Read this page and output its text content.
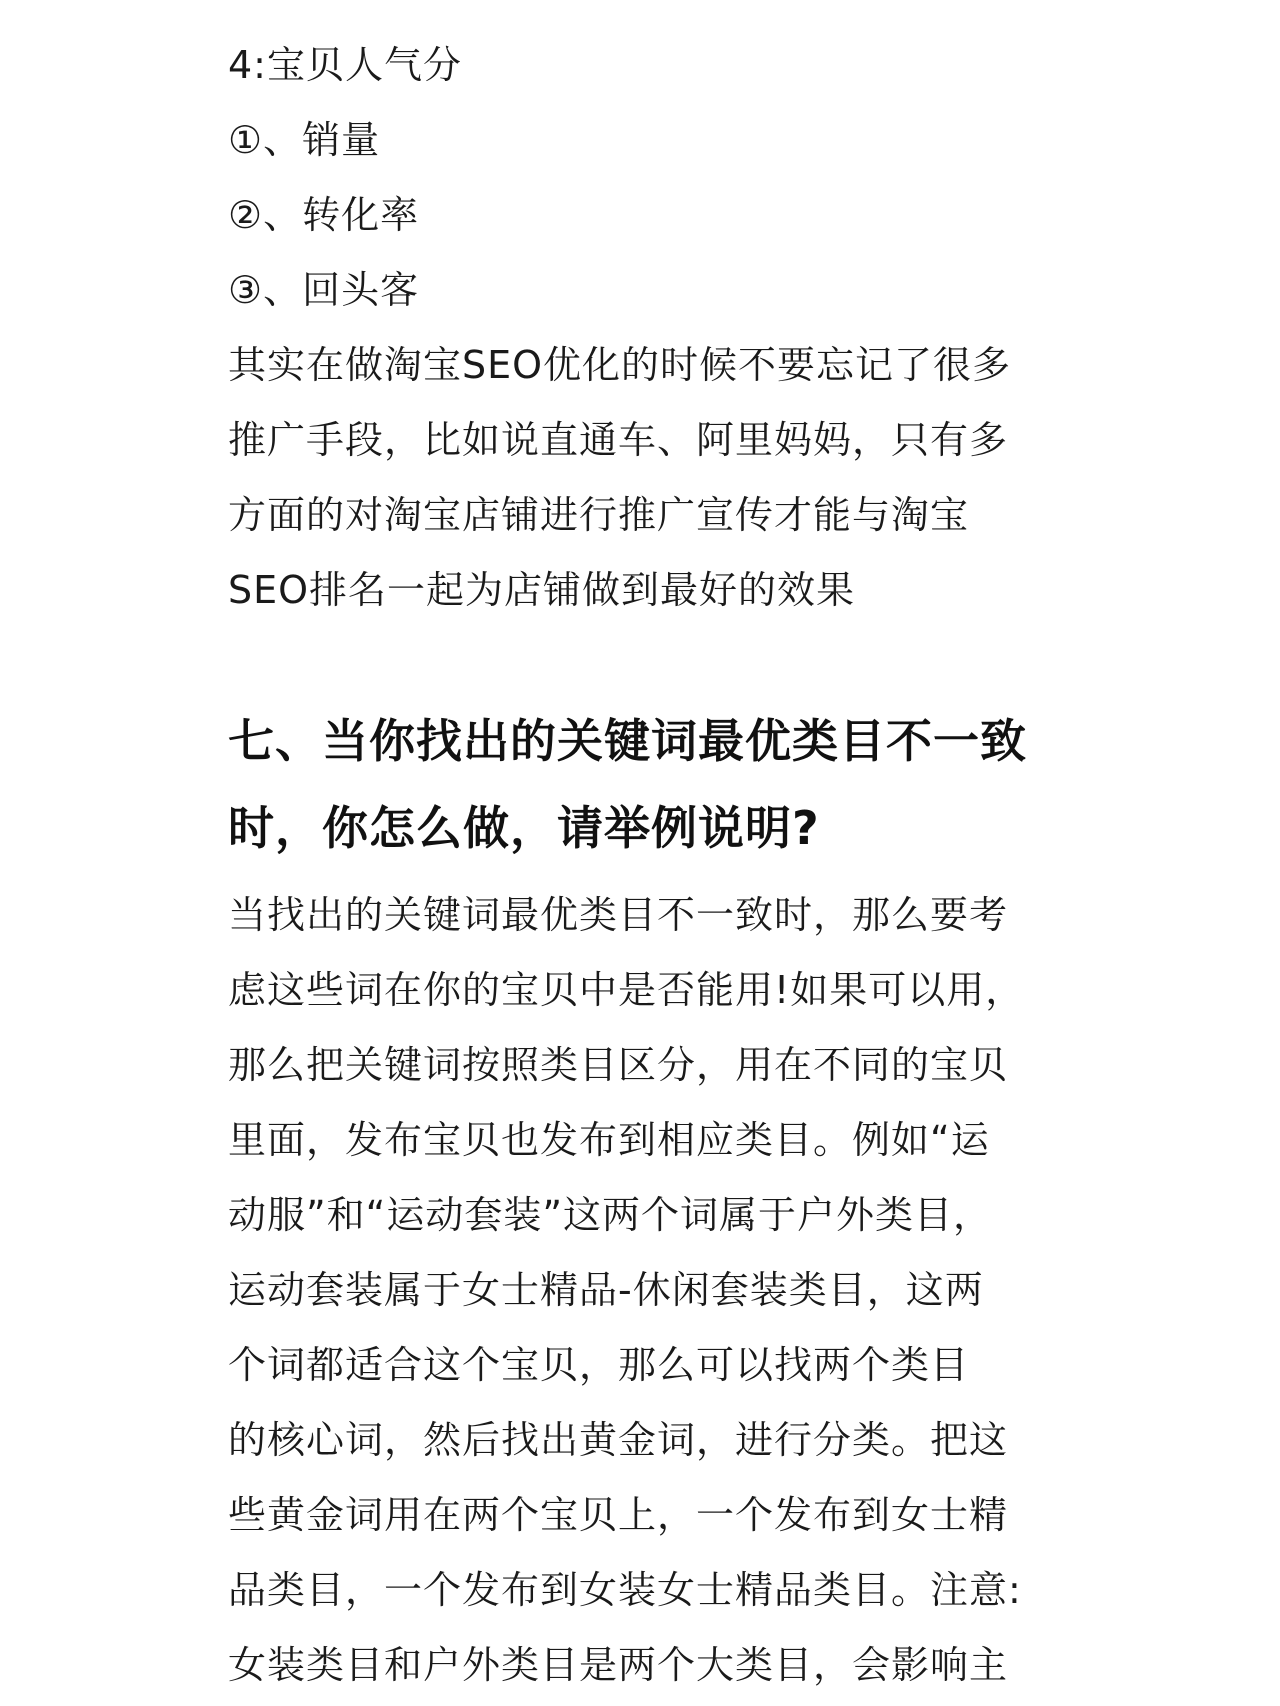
4:宝贝人气分
①、销量
②、转化率
③、回头客
其实在做淘宝SEO优化的时候不要忘记了很多
推广手段，比如说直通车、阿里妈妈，只有多
方面的对淘宝店铺进行推广宣传才能与淘宝
SEO排名一起为店铺做到最好的效果
七、当你找出的关键词最优类目不一致
时，你怎么做，请举例说明?
当找出的关键词最优类目不一致时，那么要考
虑这些词在你的宝贝中是否能用!如果可以用，
那么把关键词按照类目区分，用在不同的宝贝
里面，发布宝贝也发布到相应类目。例如“运
动服”和“运动套装”这两个词属于户外类目，
运动套装属于女士精品-休闲套装类目，这两
个词都适合这个宝贝，那么可以找两个类目
的核心词，然后找出黄金词，进行分类。把这
些黄金词用在两个宝贝上，一个发布到女士精
品类目，一个发布到女装女士精品类目。注意:
女装类目和户外类目是两个大类目，会影响主
